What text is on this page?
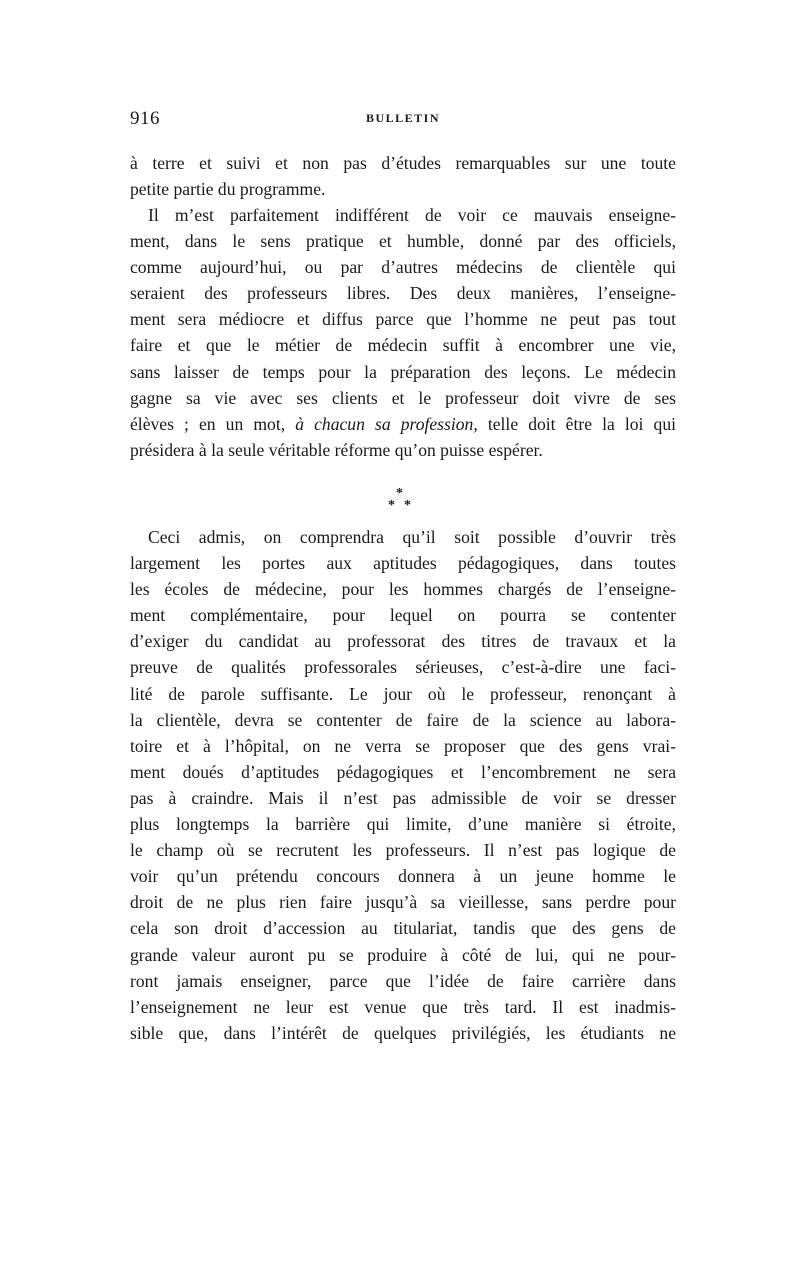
916	BULLETIN
à terre et suivi et non pas d’études remarquables sur une toute
petite partie du programme.
Il m’est parfaitement indifférent de voir ce mauvais enseigne-
ment, dans le sens pratique et humble, donné par des officiels,
comme aujourd’hui, ou par d’autres médecins de clientèle qui
seraient des professeurs libres. Des deux manières, l’enseigne-
ment sera médiocre et diffus parce que l’homme ne peut pas tout
faire et que le métier de médecin suffit à encombrer une vie,
sans laisser de temps pour la préparation des leçons. Le médecin
gagne sa vie avec ses clients et le professeur doit vivre de ses
élèves ; en un mot, à chacun sa profession, telle doit être la loi qui
présidera à la seule véritable réforme qu’on puisse espérer.
*
* *
Ceci admis, on comprendra qu’il soit possible d’ouvrir très
largement les portes aux aptitudes pédagogiques, dans toutes
les écoles de médecine, pour les hommes chargés de l’enseigne-
ment complémentaire, pour lequel on pourra se contenter
d’exiger du candidat au professorat des titres de travaux et la
preuve de qualités professorales sérieuses, c’est-à-dire une faci-
lité de parole suffisante. Le jour où le professeur, renonçant à
la clientèle, devra se contenter de faire de la science au labora-
toire et à l’hôpital, on ne verra se proposer que des gens vrai-
ment doués d’aptitudes pédagogiques et l’encombrement ne sera
pas à craindre. Mais il n’est pas admissible de voir se dresser
plus longtemps la barrière qui limite, d’une manière si étroite,
le champ où se recrutent les professeurs. Il n’est pas logique de
voir qu’un prétendu concours donnera à un jeune homme le
droit de ne plus rien faire jusqu’à sa vieillesse, sans perdre pour
cela son droit d’accession au titulariat, tandis que des gens de
grande valeur auront pu se produire à côté de lui, qui ne pour-
ront jamais enseigner, parce que l’idée de faire carrière dans
l’enseignement ne leur est venue que très tard. Il est inadmis-
sible que, dans l’intérêt de quelques privilégiés, les étudiants ne
